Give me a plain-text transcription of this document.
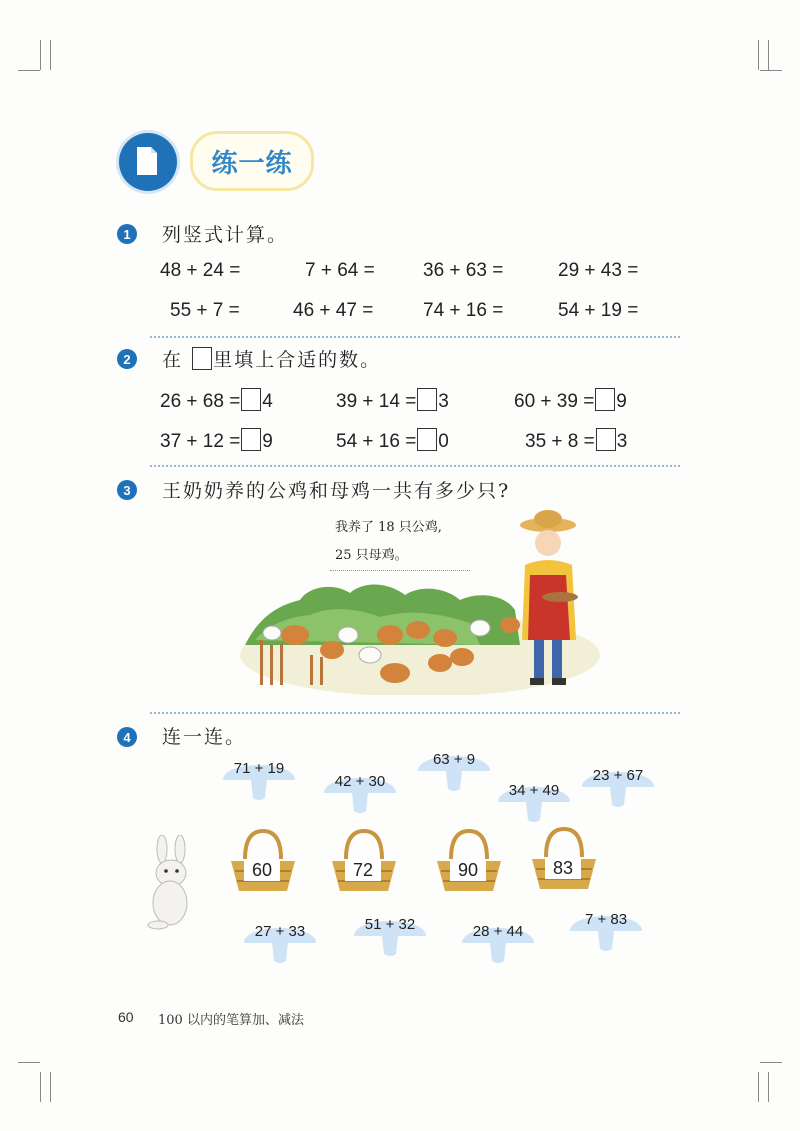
练一练
1	列竖式计算。
48 + 24 =	7 + 64 =	36 + 63 =	29 + 43 =
55 + 7 =	46 + 47 =	74 + 16 =	54 + 19 =
2	在 里填上合适的数。
26 + 68 = 4	39 + 14 = 3	60 + 39 = 9
37 + 12 = 9	54 + 16 = 0	35 + 8 = 3
3	王奶奶养的公鸡和母鸡一共有多少只?
我养了 18 只公鸡,
25 只母鸡。
4	连一连。
71 + 19
42 + 30
63 + 9
34 + 49
23 + 67
60	72	90	83
27 + 33	51 + 32	28 + 44
7 + 83
60 100 以内的笔算加、减法
